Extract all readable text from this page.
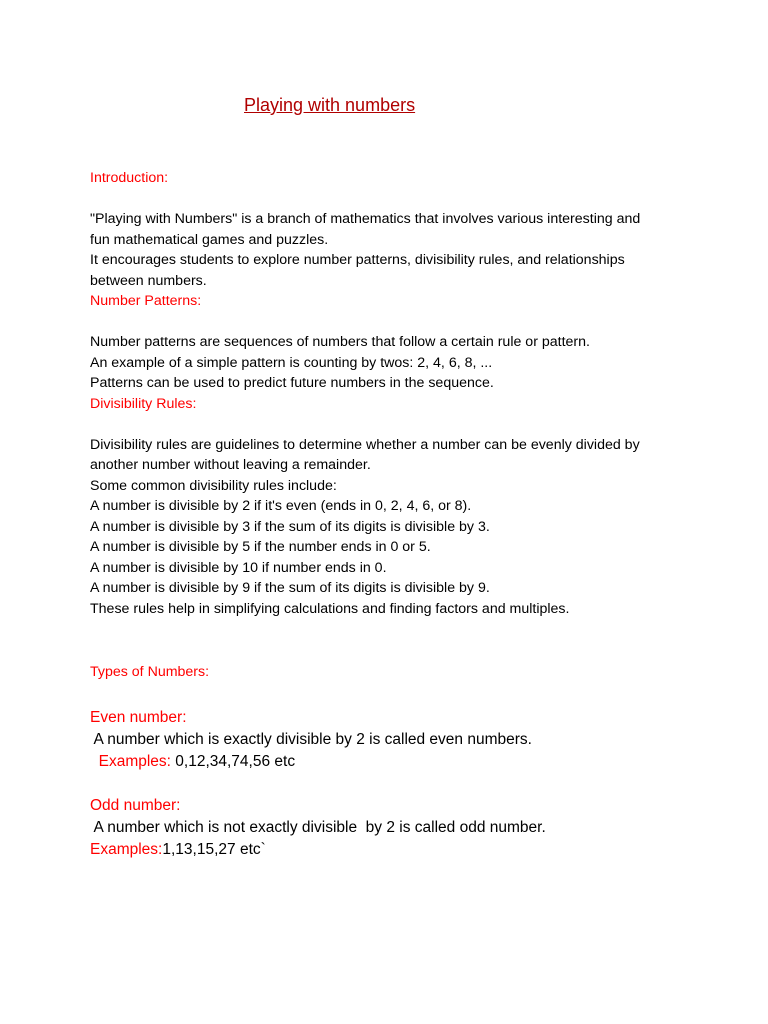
Playing with numbers
Introduction:
"Playing with Numbers" is a branch of mathematics that involves various interesting and
fun mathematical games and puzzles.
It encourages students to explore number patterns, divisibility rules, and relationships
between numbers.
Number Patterns:
Number patterns are sequences of numbers that follow a certain rule or pattern.
An example of a simple pattern is counting by twos: 2, 4, 6, 8, ...
Patterns can be used to predict future numbers in the sequence.
Divisibility Rules:
Divisibility rules are guidelines to determine whether a number can be evenly divided by
another number without leaving a remainder.
Some common divisibility rules include:
A number is divisible by 2 if it's even (ends in 0, 2, 4, 6, or 8).
A number is divisible by 3 if the sum of its digits is divisible by 3.
A number is divisible by 5 if the number ends in 0 or 5.
A number is divisible by 10 if number ends in 0.
A number is divisible by 9 if the sum of its digits is divisible by 9.
These rules help in simplifying calculations and finding factors and multiples.
Types of Numbers:
Even number:
A number which is exactly divisible by 2 is called even numbers.
Examples: 0,12,34,74,56 etc
Odd number:
A number which is not exactly divisible  by 2 is called odd number.
Examples:1,13,15,27 etc`
